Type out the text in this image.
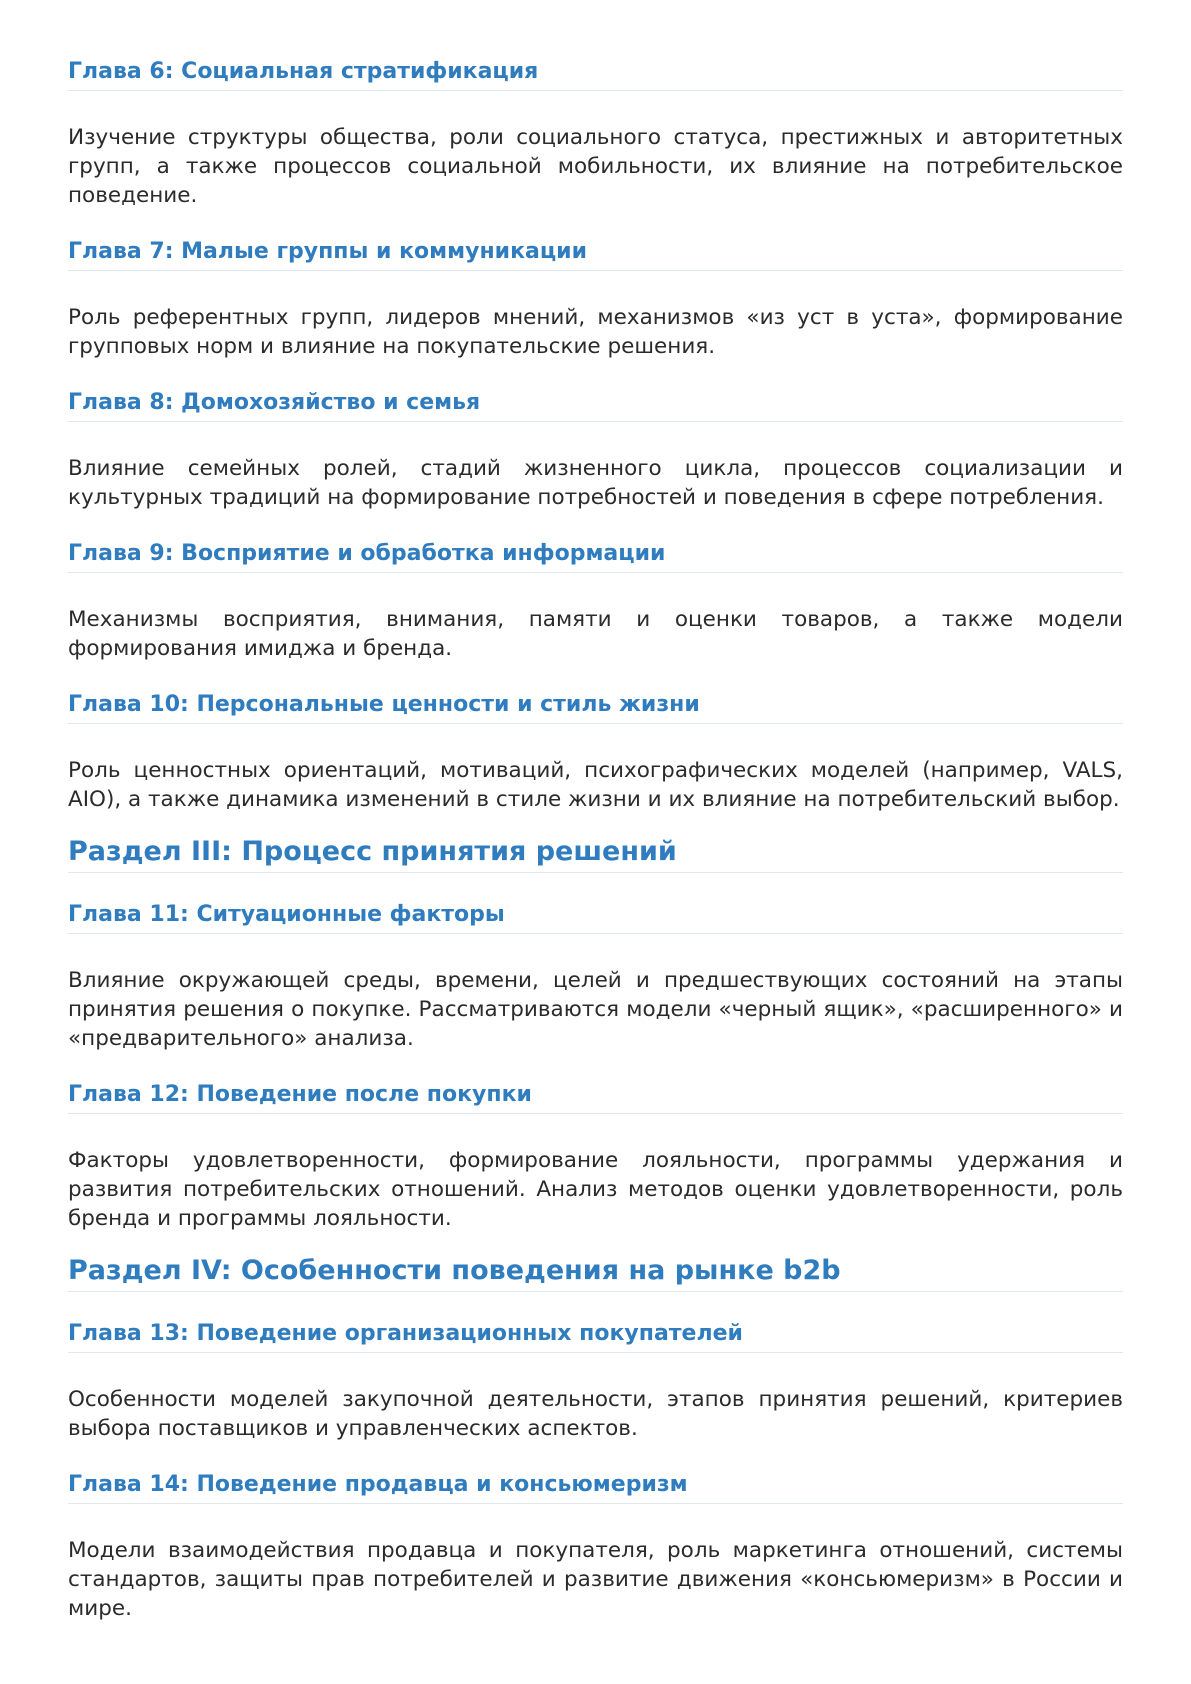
Глава 6: Социальная стратификация

Изучение структуры общества, роли социального статуса, престижных и авторитетных групп, а также процессов социальной мобильности, их влияние на потребительское поведение.

Глава 7: Малые группы и коммуникации

Роль референтных групп, лидеров мнений, механизмов «из уст в уста», формирование групповых норм и влияние на покупательские решения.

Глава 8: Домохозяйство и семья

Влияние семейных ролей, стадий жизненного цикла, процессов социализации и культурных традиций на формирование потребностей и поведения в сфере потребления.

Глава 9: Восприятие и обработка информации

Механизмы восприятия, внимания, памяти и оценки товаров, а также модели формирования имиджа и бренда.

Глава 10: Персональные ценности и стиль жизни

Роль ценностных ориентаций, мотиваций, психографических моделей (например, VALS, AIO), а также динамика изменений в стиле жизни и их влияние на потребительский выбор.

Раздел III: Процесс принятия решений
Глава 11: Ситуационные факторы

Влияние окружающей среды, времени, целей и предшествующих состояний на этапы принятия решения о покупке. Рассматриваются модели «черный ящик», «расширенного» и «предварительного» анализа.

Глава 12: Поведение после покупки

Факторы удовлетворенности, формирование лояльности, программы удержания и развития потребительских отношений. Анализ методов оценки удовлетворенности, роль бренда и программы лояльности.

Раздел IV: Особенности поведения на рынке b2b
Глава 13: Поведение организационных покупателей

Особенности моделей закупочной деятельности, этапов принятия решений, критериев выбора поставщиков и управленческих аспектов.

Глава 14: Поведение продавца и консьюмеризм

Модели взаимодействия продавца и покупателя, роль маркетинга отношений, системы стандартов, защиты прав потребителей и развитие движения «консьюмеризм» в России и мире.
